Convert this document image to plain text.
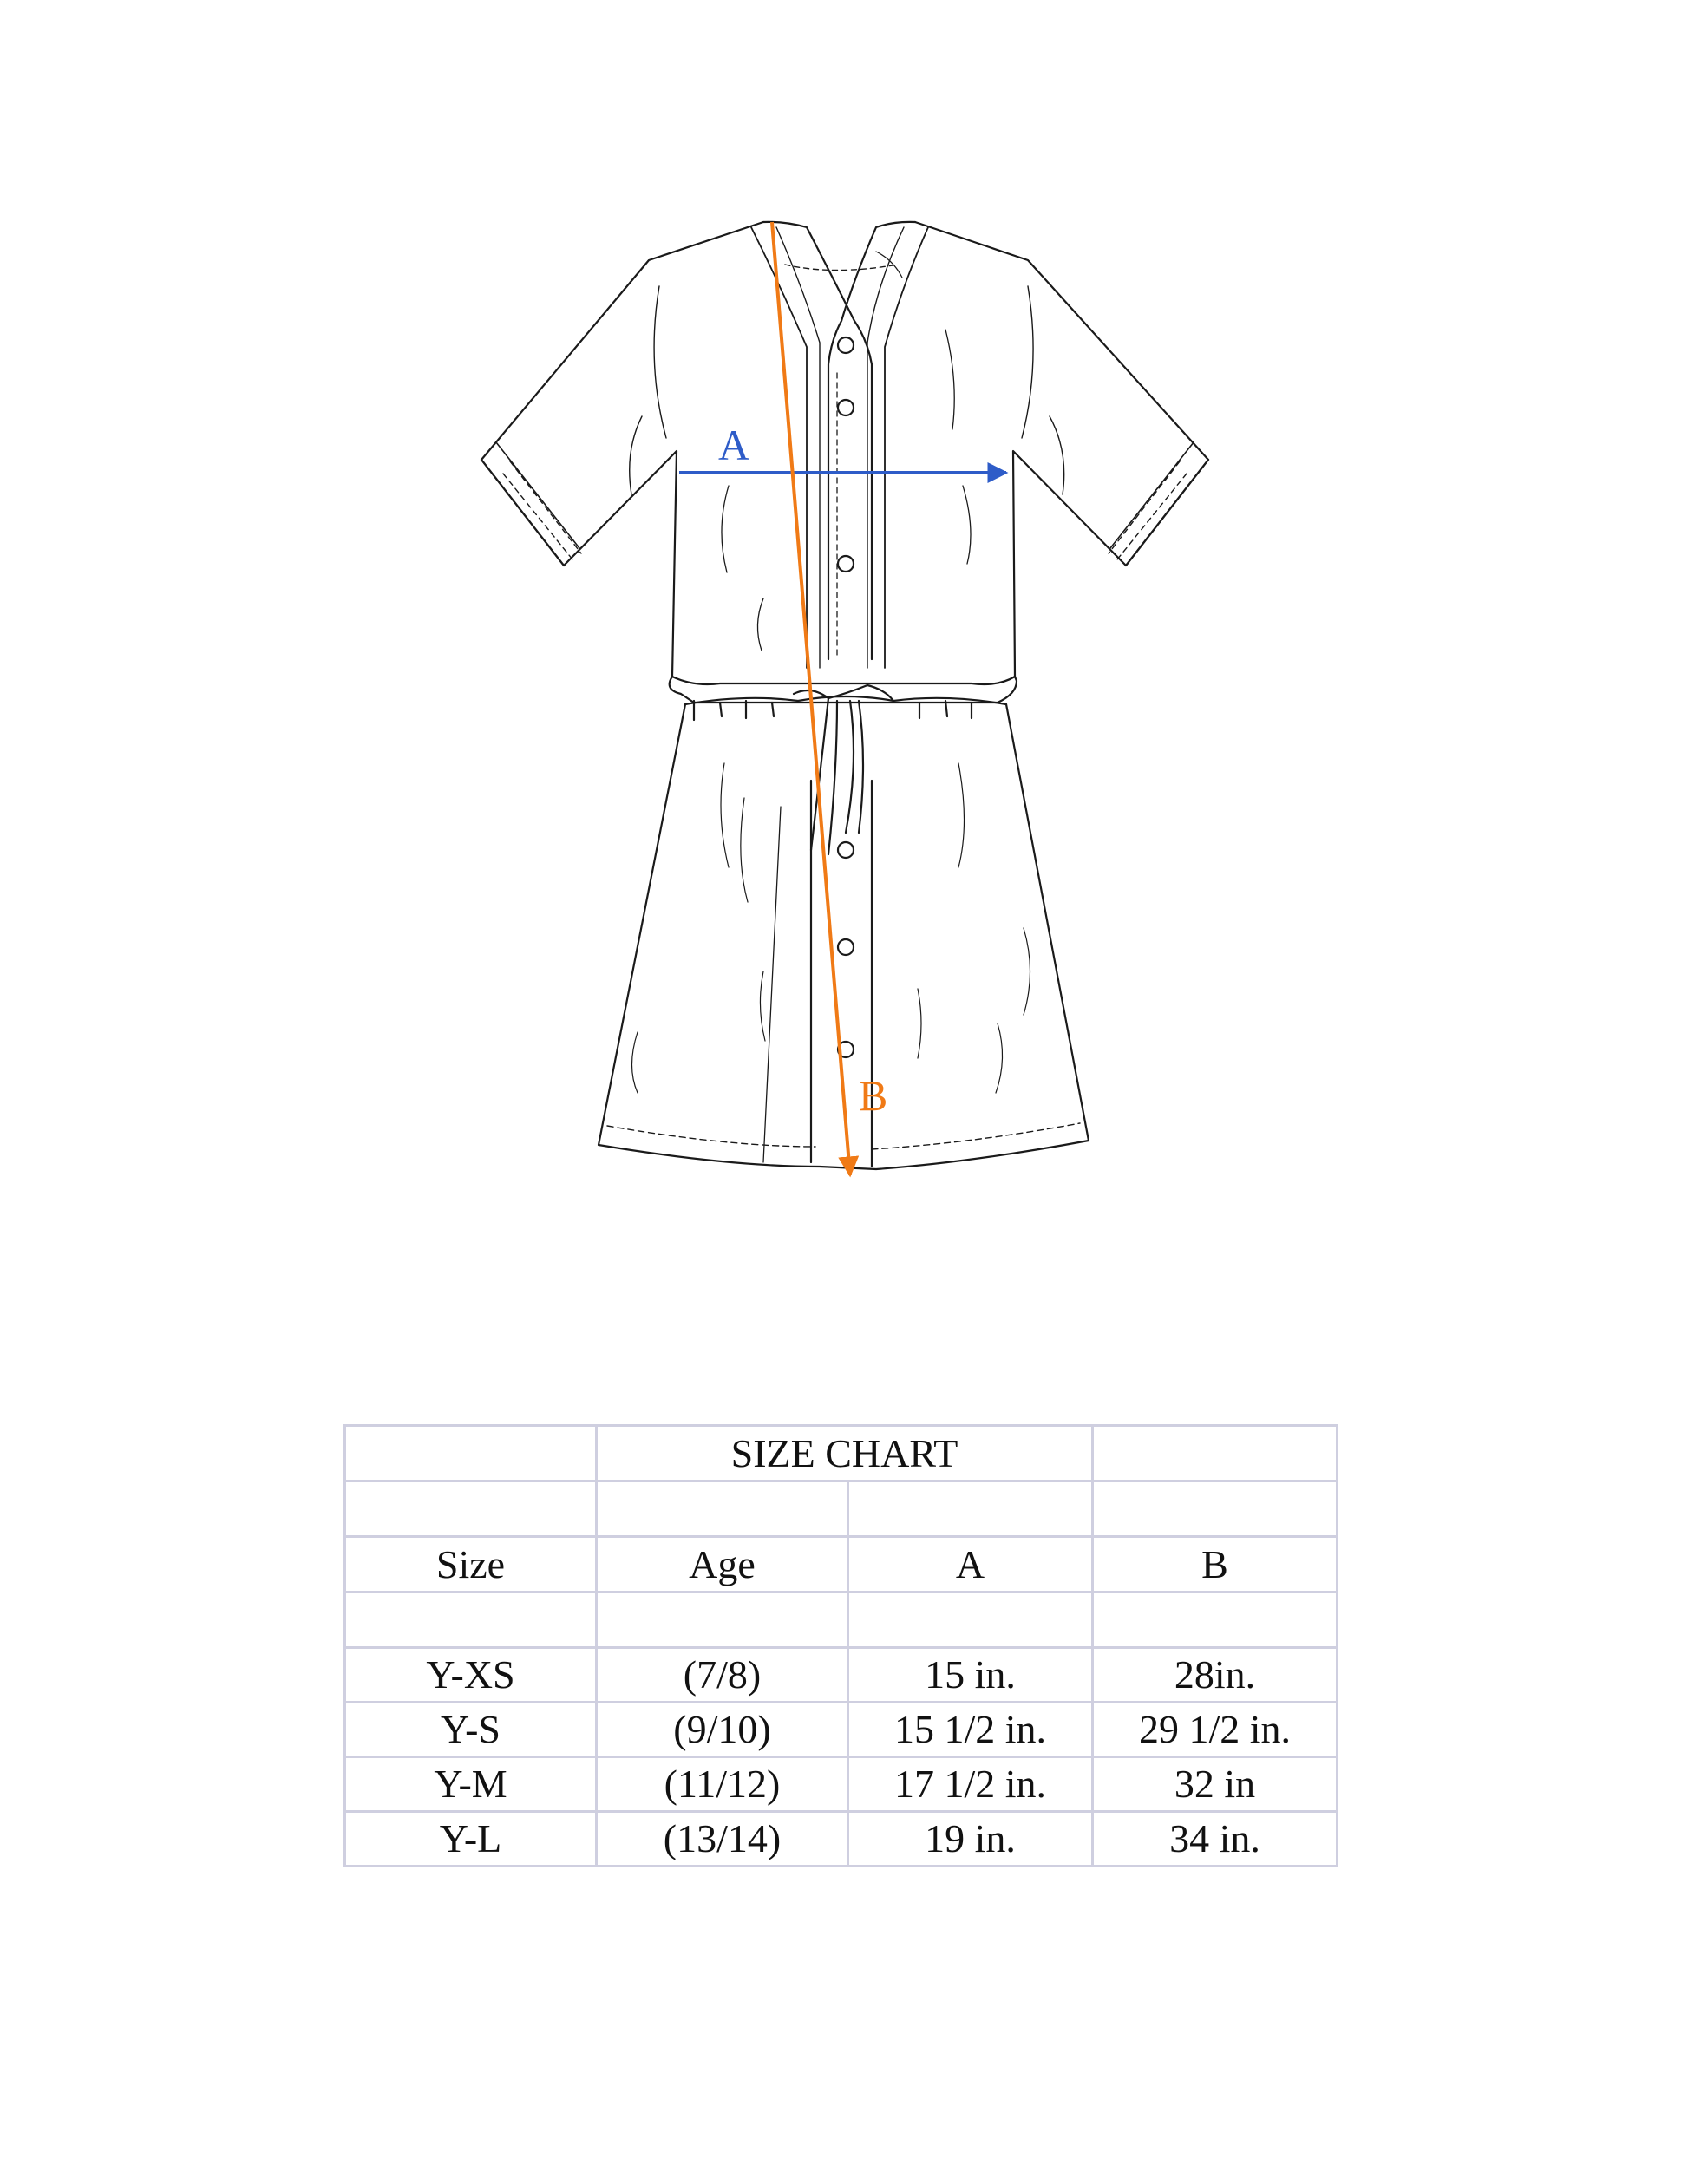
A
B
	SIZE CHART		

Size	Age	A	B

Y-XS	(7/8)	15 in.	28in.
Y-S	(9/10)	15 1/2 in.	29 1/2 in.
Y-M	(11/12)	17 1/2 in.	32 in
Y-L	(13/14)	19 in.	34 in.
